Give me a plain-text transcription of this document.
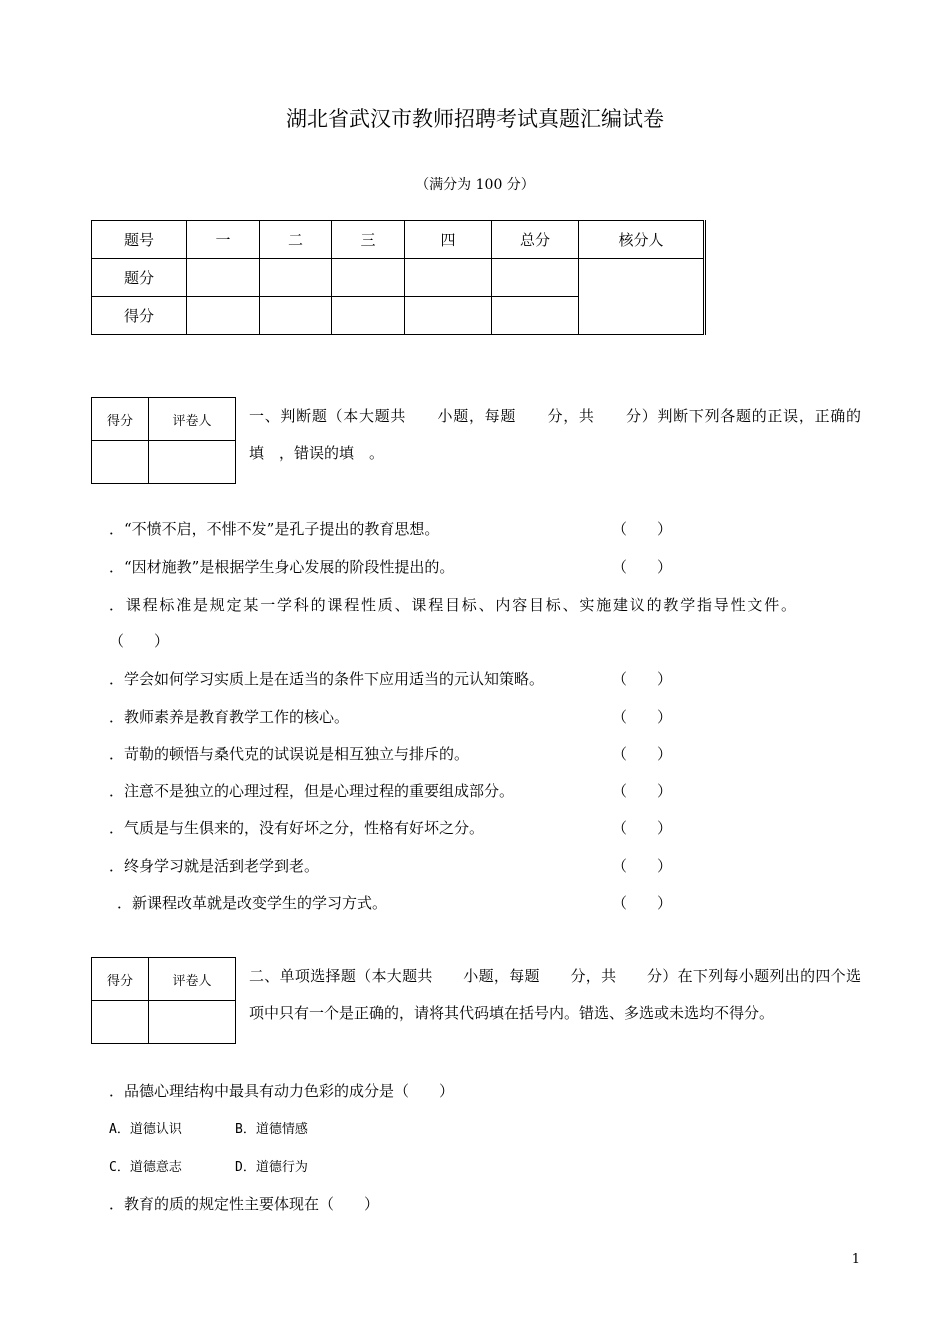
湖北省武汉市教师招聘考试真题汇编试卷
（满分为 100 分）
题号	一	二	三	四	总分	核分人
题分						
得分						
得分	评卷人
		一、判断题（本大题共　　小题，每题　　分，共　　分）判断下列各题的正误，正确的填　，错误的填　。
．“不愤不启，不悱不发”是孔子提出的教育思想。	（　　）
．“因材施教”是根据学生身心发展的阶段性提出的。	（　　）
．课程标准是规定某一学科的课程性质、课程目标、内容目标、实施建议的教学指导性文件。
（　　）
．学会如何学习实质上是在适当的条件下应用适当的元认知策略。	（　　）
．教师素养是教育教学工作的核心。	（　　）
．苛勒的顿悟与桑代克的试误说是相互独立与排斥的。	（　　）
．注意不是独立的心理过程，但是心理过程的重要组成部分。	（　　）
．气质是与生俱来的，没有好坏之分，性格有好坏之分。	（　　）
．终身学习就是活到老学到老。	（　　）
．新课程改革就是改变学生的学习方式。	（　　）
得分	评卷人
		二、单项选择题（本大题共　　小题，每题　　分，共　　分）在下列每小题列出的四个选项中只有一个是正确的，请将其代码填在括号内。错选、多选或未选均不得分。
．品德心理结构中最具有动力色彩的成分是（　　）
A．道德认识	B．道德情感
C．道德意志	D．道德行为
．教育的质的规定性主要体现在（　　）
1
